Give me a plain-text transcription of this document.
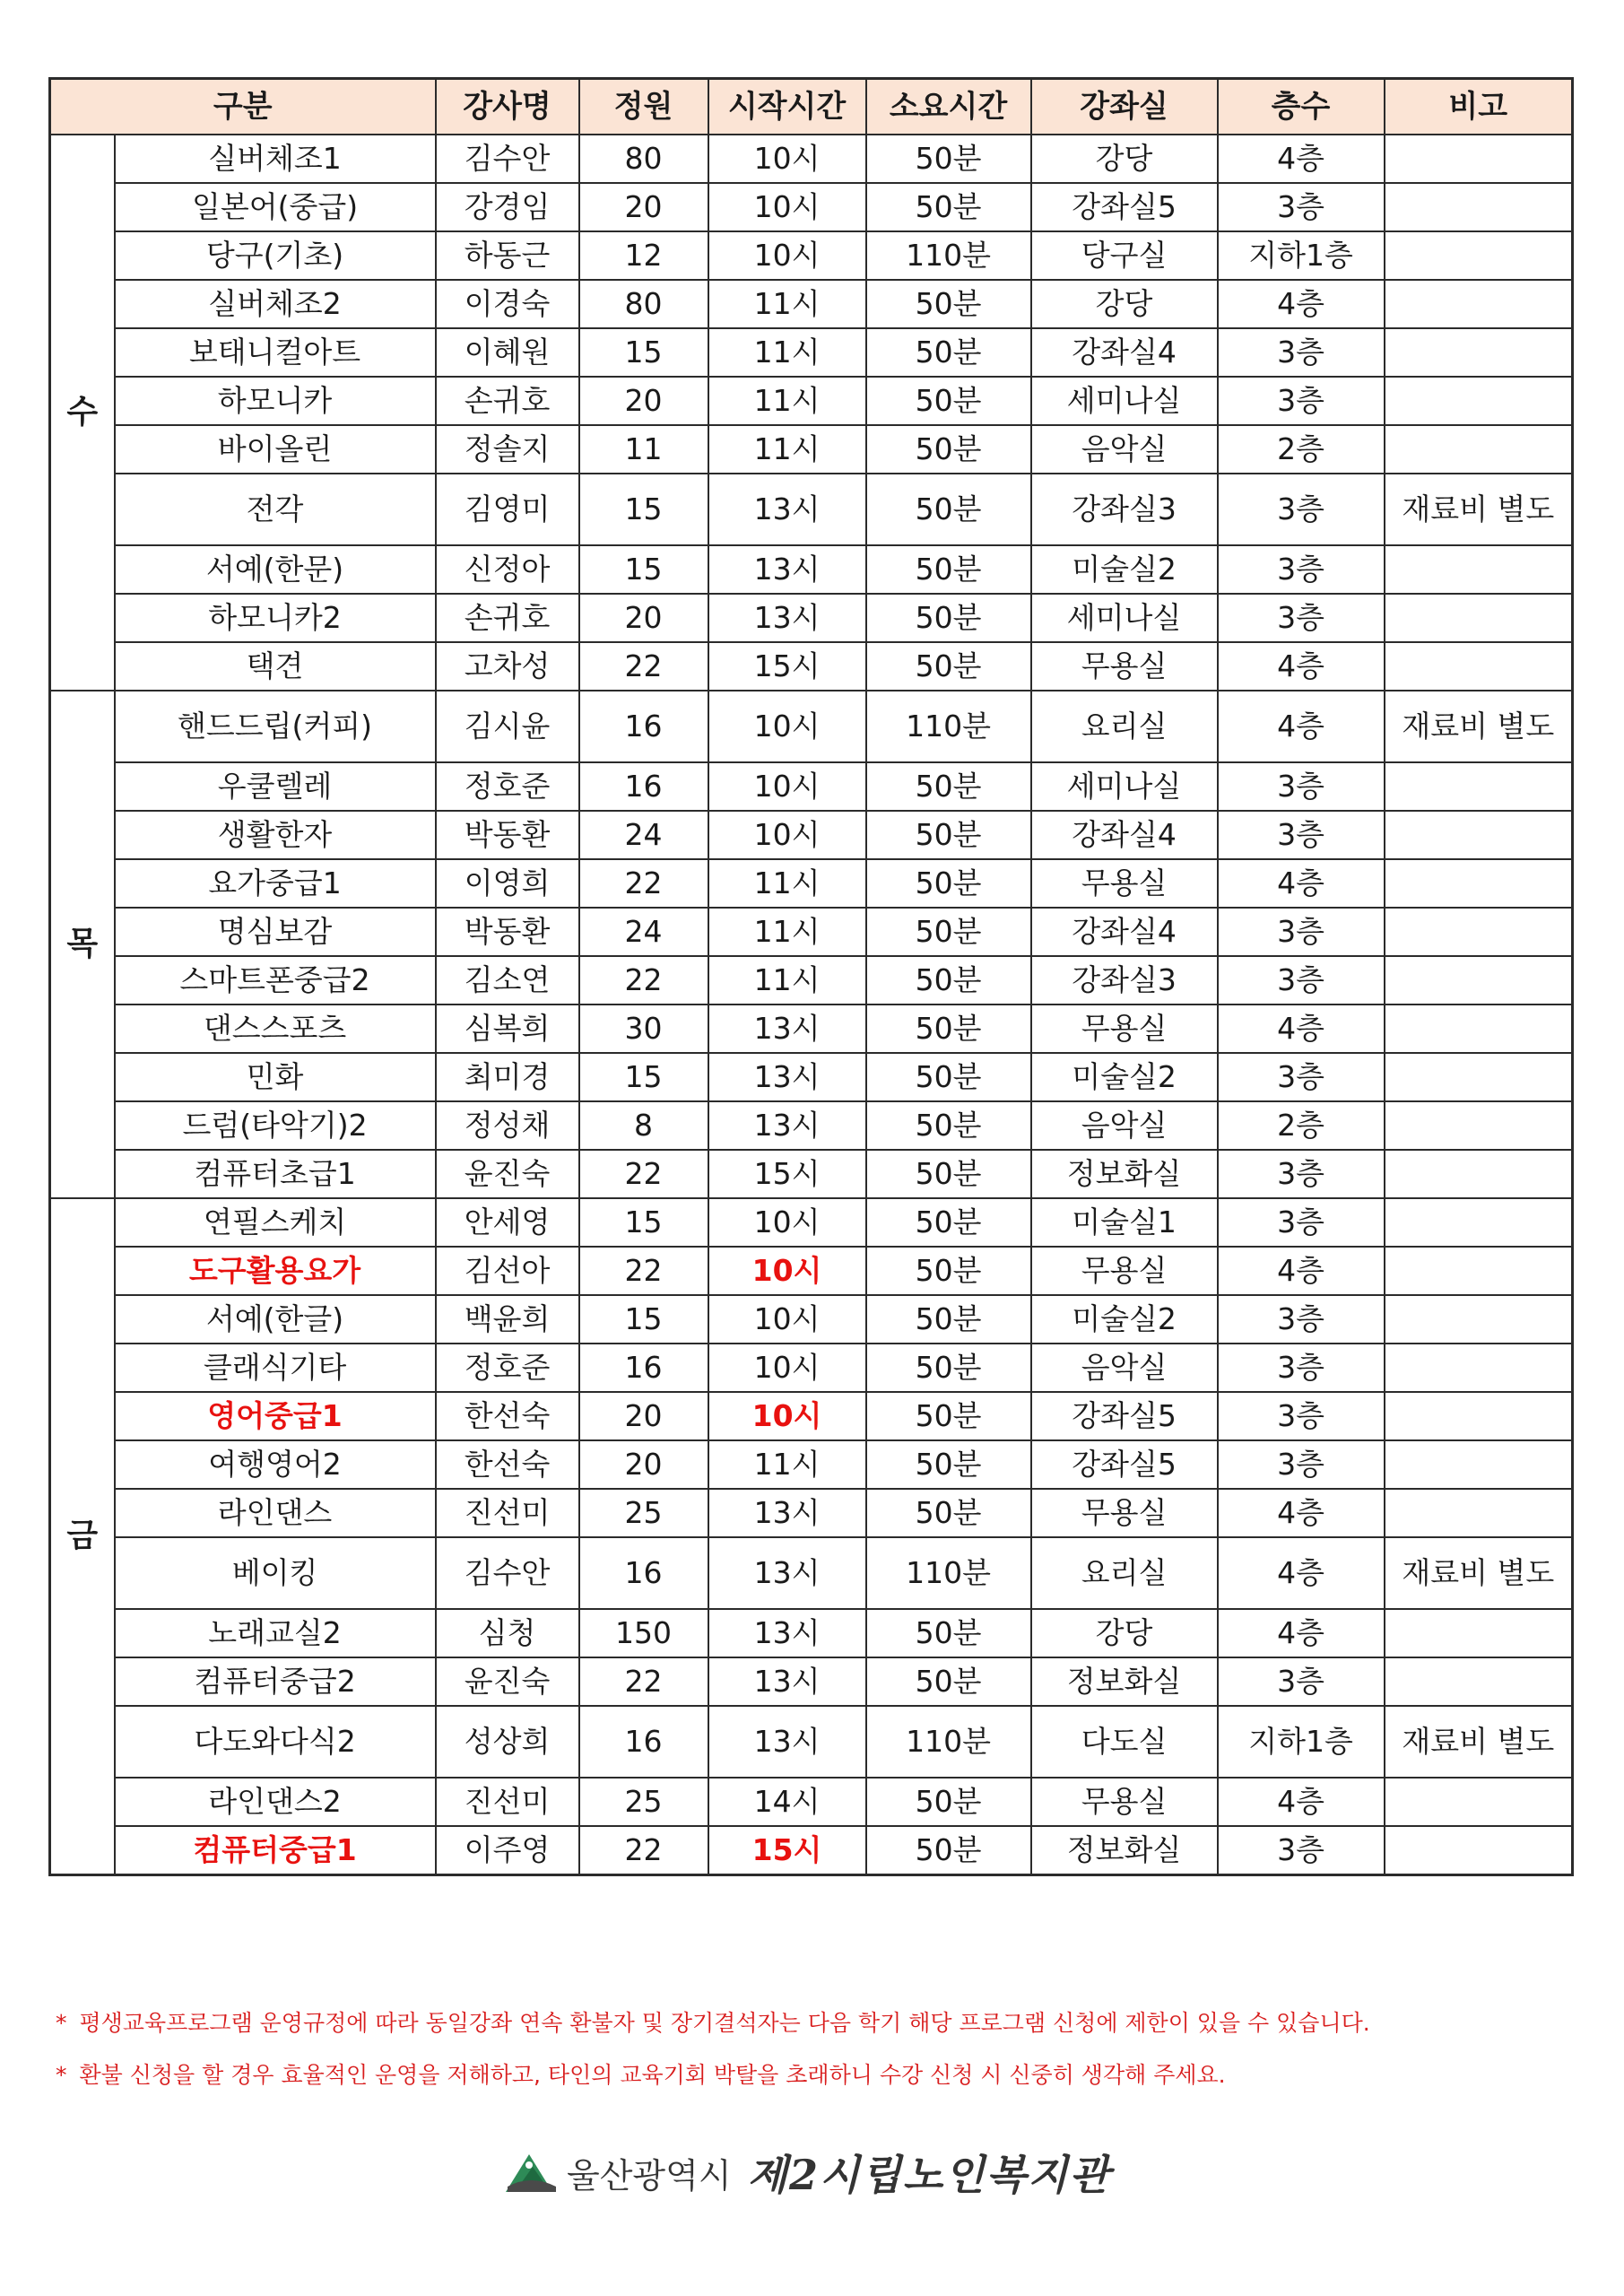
구분		강사명	정원	시작시간	소요시간	강좌실	층수	비고
수	실버체조1	김수안	80	10시	50분	강당	4층	
	일본어(중급)	강경임	20	10시	50분	강좌실5	3층	
	당구(기초)	하동근	12	10시	110분	당구실	지하1층	
	실버체조2	이경숙	80	11시	50분	강당	4층	
	보태니컬아트	이혜원	15	11시	50분	강좌실4	3층	
	하모니카	손귀호	20	11시	50분	세미나실	3층	
	바이올린	정솔지	11	11시	50분	음악실	2층	
	전각	김영미	15	13시	50분	강좌실3	3층	재료비 별도
	서예(한문)	신정아	15	13시	50분	미술실2	3층	
	하모니카2	손귀호	20	13시	50분	세미나실	3층	
	택견	고차성	22	15시	50분	무용실	4층	
목	핸드드립(커피)	김시윤	16	10시	110분	요리실	4층	재료비 별도
	우쿨렐레	정호준	16	10시	50분	세미나실	3층	
	생활한자	박동환	24	10시	50분	강좌실4	3층	
	요가중급1	이영희	22	11시	50분	무용실	4층	
	명심보감	박동환	24	11시	50분	강좌실4	3층	
	스마트폰중급2	김소연	22	11시	50분	강좌실3	3층	
	댄스스포츠	심복희	30	13시	50분	무용실	4층	
	민화	최미경	15	13시	50분	미술실2	3층	
	드럼(타악기)2	정성채	8	13시	50분	음악실	2층	
	컴퓨터초급1	윤진숙	22	15시	50분	정보화실	3층	
금	연필스케치	안세영	15	10시	50분	미술실1	3층	
	도구활용요가	김선아	22	10시	50분	무용실	4층	
	서예(한글)	백윤희	15	10시	50분	미술실2	3층	
	클래식기타	정호준	16	10시	50분	음악실	3층	
	영어중급1	한선숙	20	10시	50분	강좌실5	3층	
	여행영어2	한선숙	20	11시	50분	강좌실5	3층	
	라인댄스	진선미	25	13시	50분	무용실	4층	
	베이킹	김수안	16	13시	110분	요리실	4층	재료비 별도
	노래교실2	심청	150	13시	50분	강당	4층	
	컴퓨터중급2	윤진숙	22	13시	50분	정보화실	3층	
	다도와다식2	성상희	16	13시	110분	다도실	지하1층	재료비 별도
	라인댄스2	진선미	25	14시	50분	무용실	4층	
	컴퓨터중급1	이주영	22	15시	50분	정보화실	3층	
* 평생교육프로그램 운영규정에 따라 동일강좌 연속 환불자 및 장기결석자는 다음 학기 해당 프로그램 신청에 제한이 있을 수 있습니다.
* 환불 신청을 할 경우 효율적인 운영을 저해하고, 타인의 교육기회 박탈을 초래하니 수강 신청 시 신중히 생각해 주세요.
울산광역시 제2시립노인복지관
